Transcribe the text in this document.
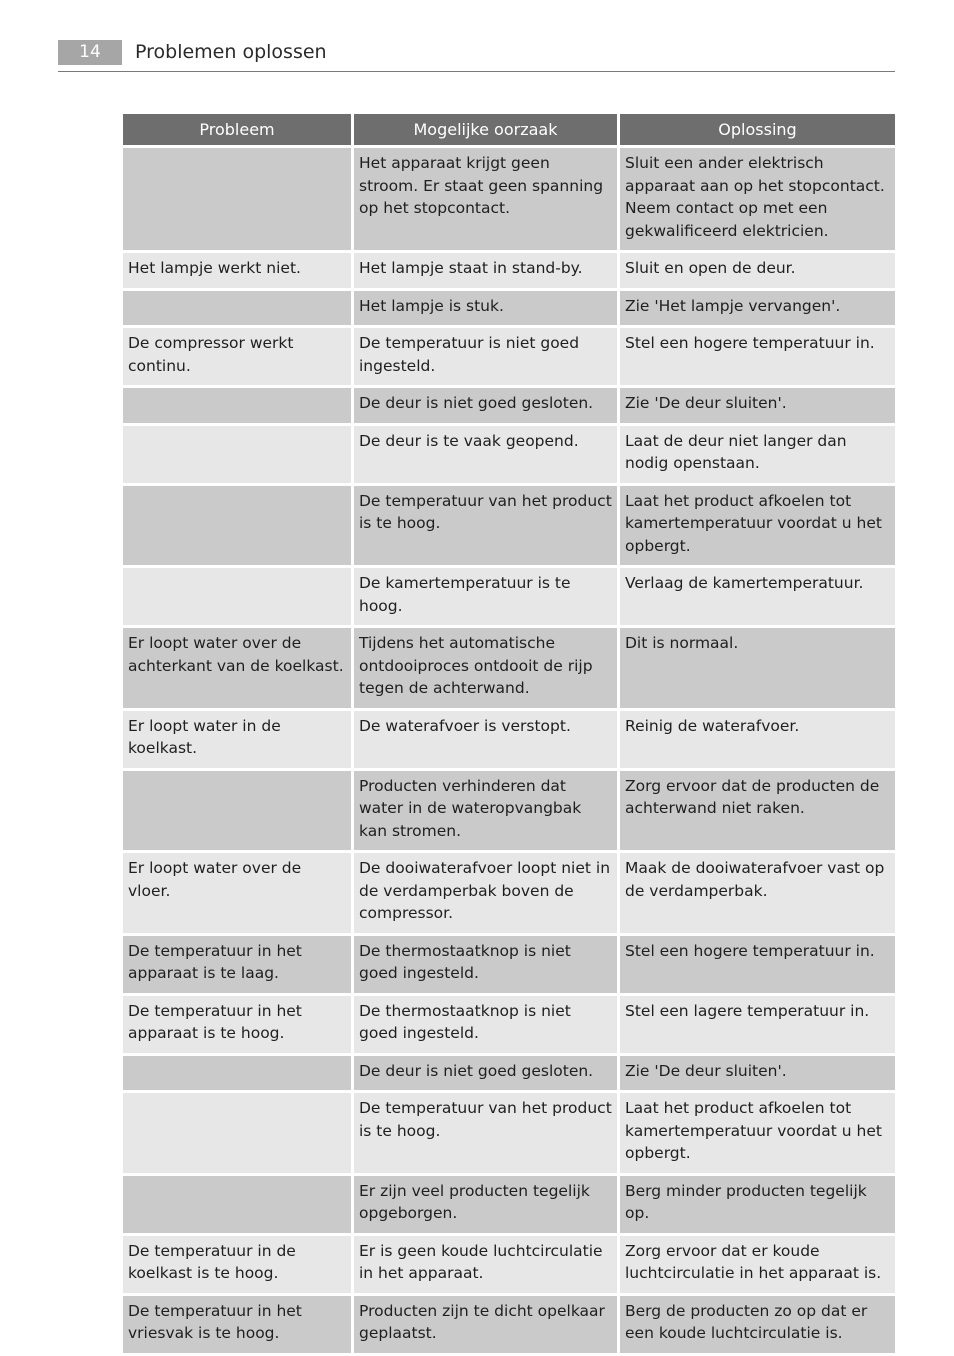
14	Problemen oplossen
Probleem	Mogelijke oorzaak	Oplossing
	Het apparaat krijgt geen stroom. Er staat geen spanning op het stopcontact.	Sluit een ander elektrisch apparaat aan op het stopcontact. Neem contact op met een gekwalificeerd elektricien.
Het lampje werkt niet.	Het lampje staat in stand-by.	Sluit en open de deur.
	Het lampje is stuk.	Zie 'Het lampje vervangen'.
De compressor werkt continu.	De temperatuur is niet goed ingesteld.	Stel een hogere temperatuur in.
	De deur is niet goed gesloten.	Zie 'De deur sluiten'.
	De deur is te vaak geopend.	Laat de deur niet langer dan nodig openstaan.
	De temperatuur van het product is te hoog.	Laat het product afkoelen tot kamertemperatuur voordat u het opbergt.
	De kamertemperatuur is te hoog.	Verlaag de kamertemperatuur.
Er loopt water over de achterkant van de koelkast.	Tijdens het automatische ontdooiproces ontdooit de rijp tegen de achterwand.	Dit is normaal.
Er loopt water in de koelkast.	De waterafvoer is verstopt.	Reinig de waterafvoer.
	Producten verhinderen dat water in de wateropvangbak kan stromen.	Zorg ervoor dat de producten de achterwand niet raken.
Er loopt water over de vloer.	De dooiwaterafvoer loopt niet in de verdamperbak boven de compressor.	Maak de dooiwaterafvoer vast op de verdamperbak.
De temperatuur in het apparaat is te laag.	De thermostaatknop is niet goed ingesteld.	Stel een hogere temperatuur in.
De temperatuur in het apparaat is te hoog.	De thermostaatknop is niet goed ingesteld.	Stel een lagere temperatuur in.
	De deur is niet goed gesloten.	Zie 'De deur sluiten'.
	De temperatuur van het product is te hoog.	Laat het product afkoelen tot kamertemperatuur voordat u het opbergt.
	Er zijn veel producten tegelijk opgeborgen.	Berg minder producten tegelijk op.
De temperatuur in de koelkast is te hoog.	Er is geen koude luchtcirculatie in het apparaat.	Zorg ervoor dat er koude luchtcirculatie in het apparaat is.
De temperatuur in het vriesvak is te hoog.	Producten zijn te dicht opelkaar geplaatst.	Berg de producten zo op dat er een koude luchtcirculatie is.
